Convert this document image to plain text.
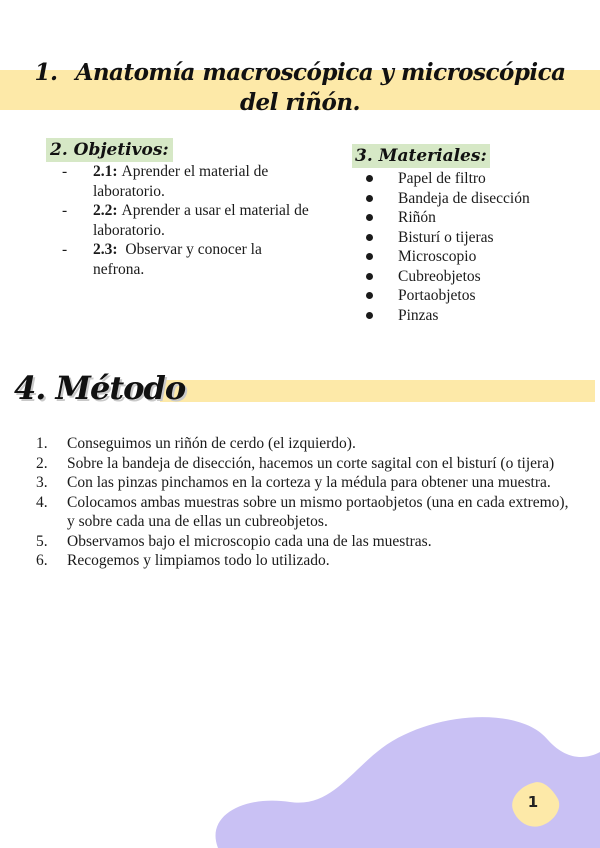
1. Anatomía macroscópica y microscópica del riñón.
2. Objetivos:
- 2.1: Aprender el material de laboratorio.
- 2.2: Aprender a usar el material de laboratorio.
- 2.3: Observar y conocer la nefrona.
3. Materiales:
Papel de filtro
Bandeja de disección
Riñón
Bisturí o tijeras
Microscopio
Cubreobjetos
Portaobjetos
Pinzas
4. Método
1. Conseguimos un riñón de cerdo (el izquierdo).
2. Sobre la bandeja de disección, hacemos un corte sagital con el bisturí (o tijera)
3. Con las pinzas pinchamos en la corteza y la médula para obtener una muestra.
4. Colocamos ambas muestras sobre un mismo portaobjetos (una en cada extremo), y sobre cada una de ellas un cubreobjetos.
5. Observamos bajo el microscopio cada una de las muestras.
6. Recogemos y limpiamos todo lo utilizado.
1
